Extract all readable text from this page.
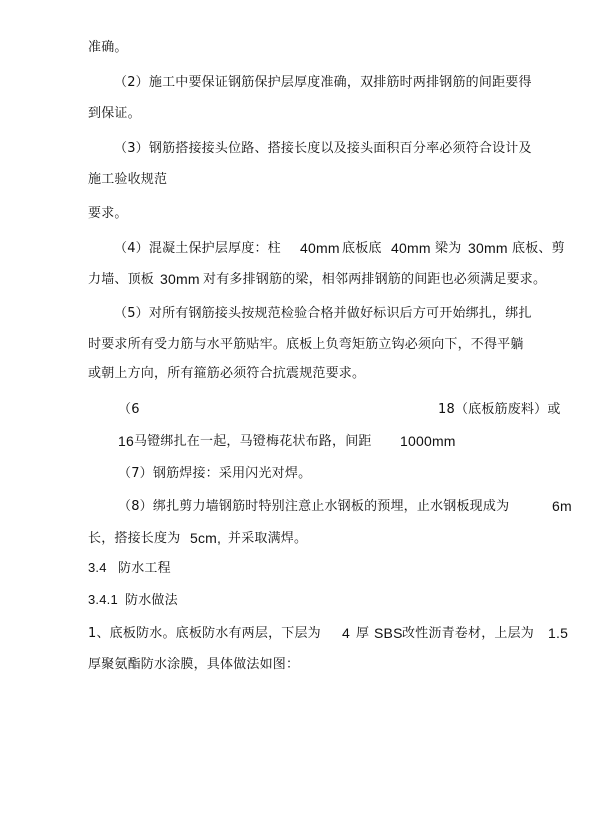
准确。
（2）施工中要保证钢筋保护层厚度准确，双排筋时两排钢筋的间距要得
到保证。
（3）钢筋搭接接头位路、搭接长度以及接头面积百分率必须符合设计及
施工验收规范
要求。
（4）混凝土保护层厚度：柱 40mm 底板底 40mm 梁为 30mm 底板、剪
力墙、顶板 30mm 对有多排钢筋的梁，相邻两排钢筋的间距也必须满足要求。
（5）对所有钢筋接头按规范检验合格并做好标识后方可开始绑扎，绑扎
时要求所有受力筋与水平筋贴牢。底板上负弯矩筋立钩必须向下，不得平躺
或朝上方向，所有箍筋必须符合抗震规范要求。
（6	18（底板筋废料）或
16 马镫绑扎在一起，马镫梅花状布路，间距 1000mm
（7）钢筋焊接：采用闪光对焊。
（8）绑扎剪力墙钢筋时特别注意止水钢板的预埋，止水钢板现成为	6m
长，搭接长度为 5cm, 并采取满焊。
3.4 防水工程
3.4.1 防水做法
1、底板防水。底板防水有两层，下层为 4 厚 SBS 改性沥青卷材，上层为 1.5
厚聚氨酯防水涂膜，具体做法如图：
